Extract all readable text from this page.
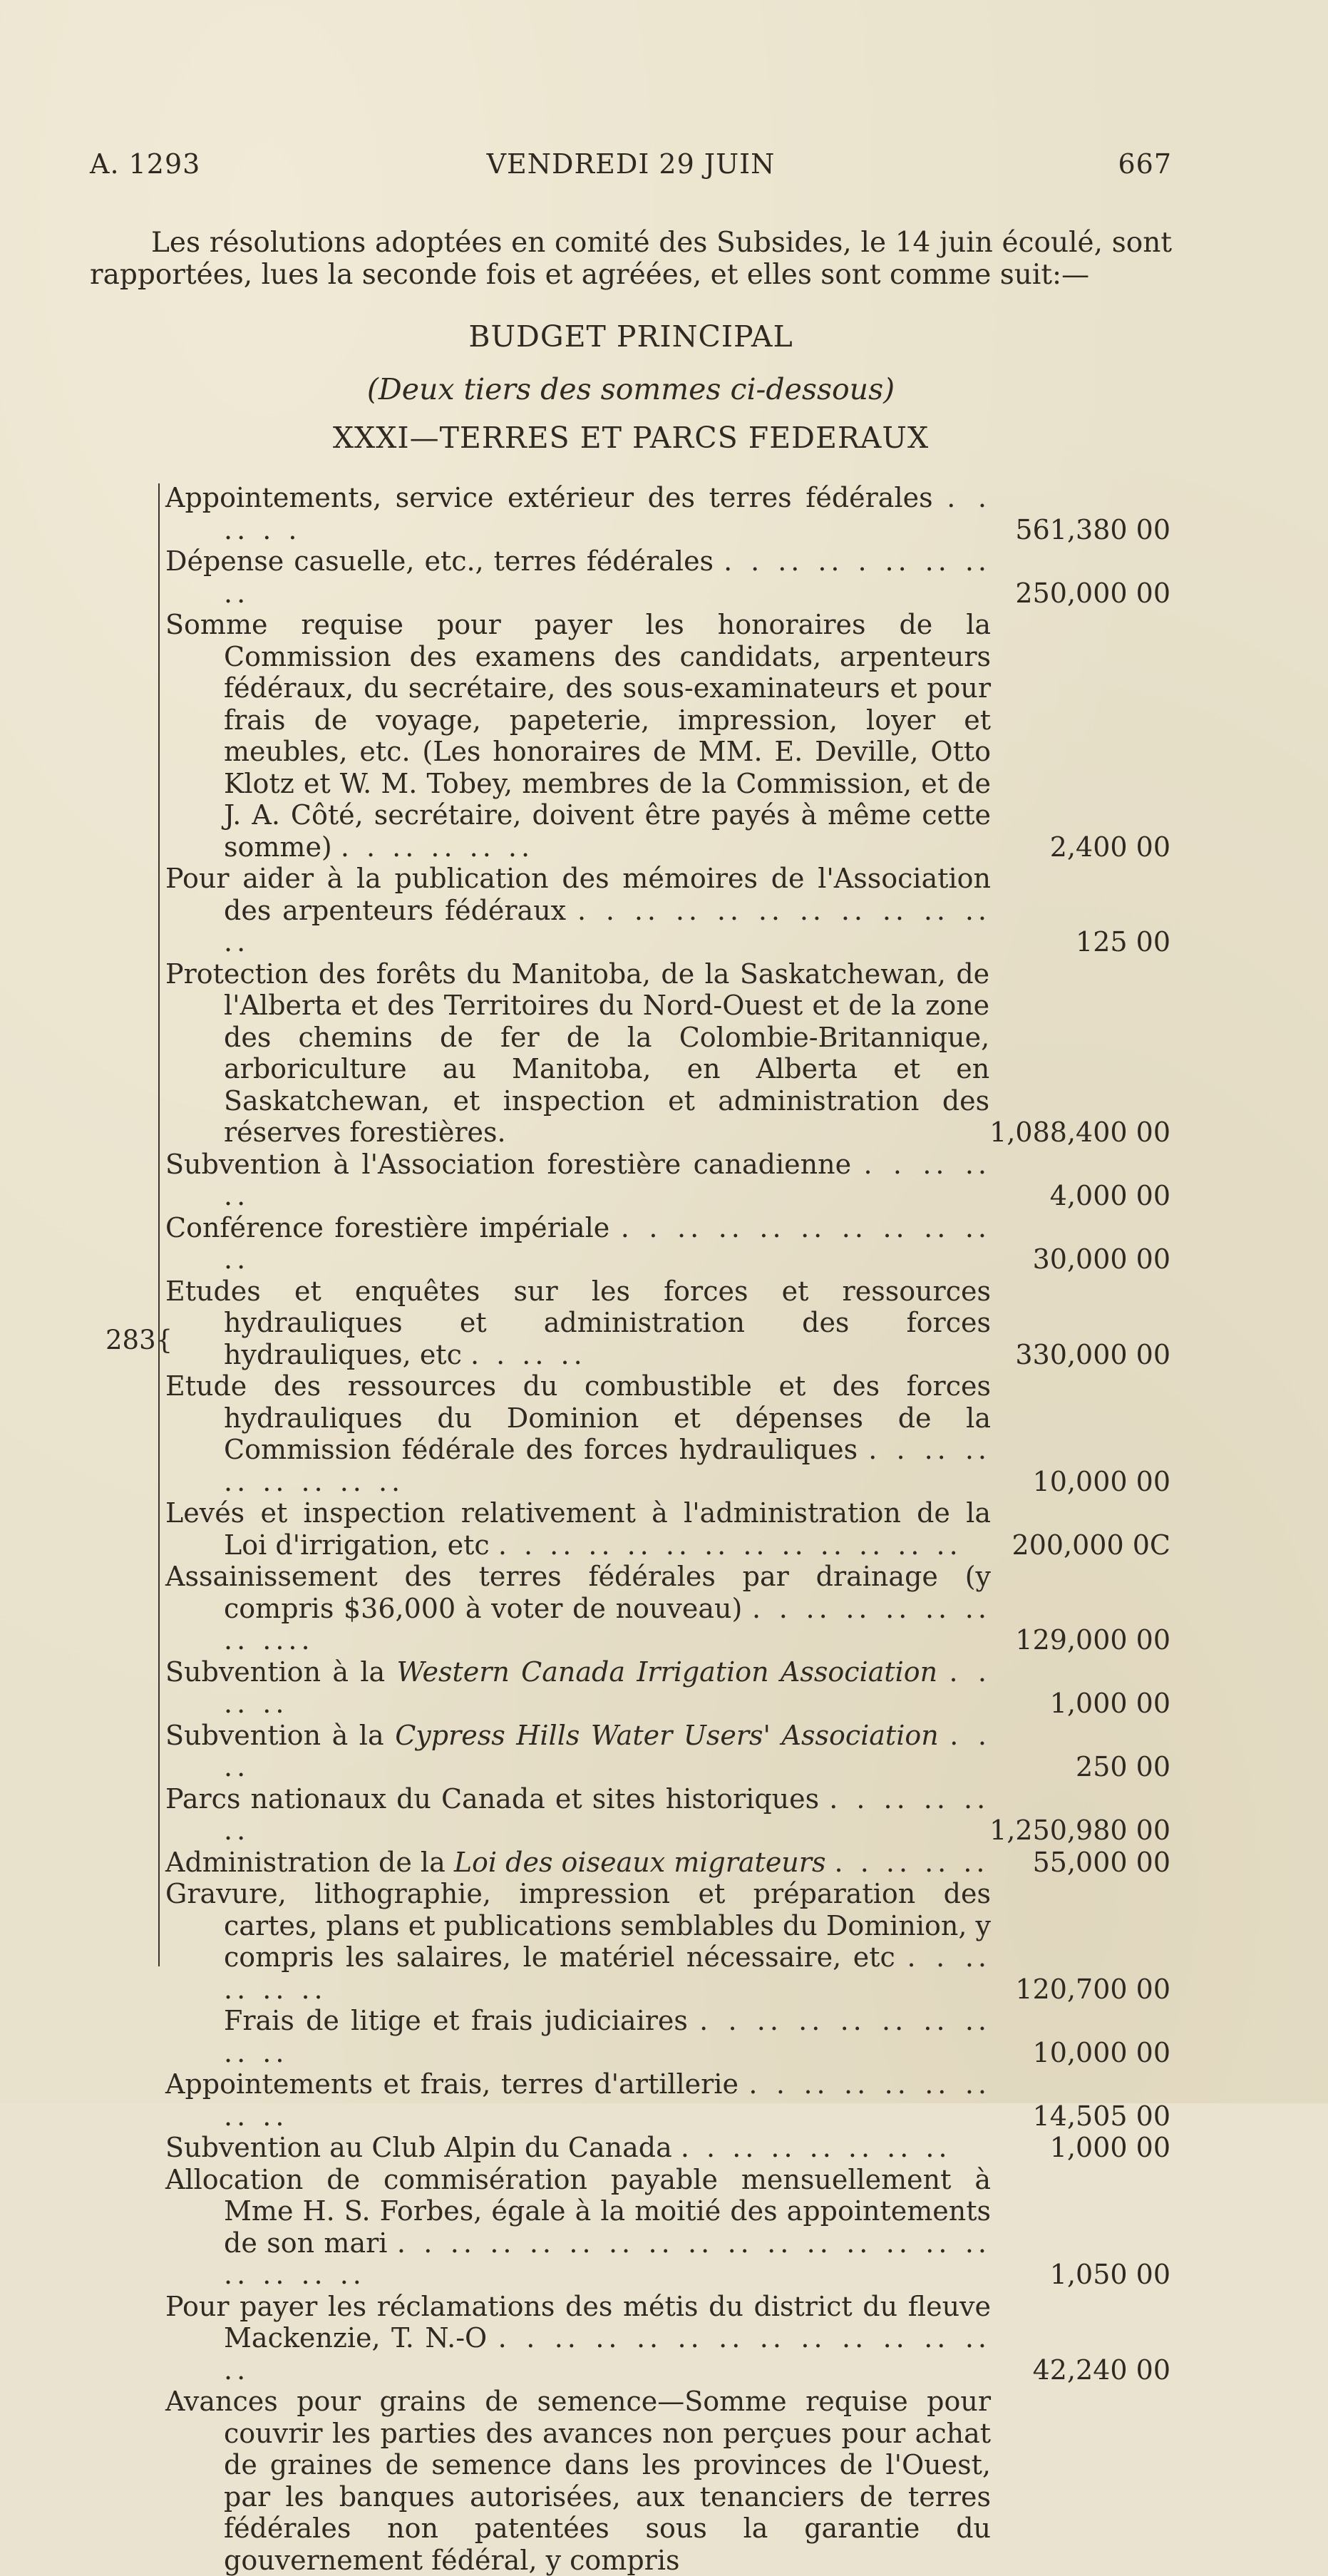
A. 1293	VENDREDI 29 JUIN	667
Les résolutions adoptées en comité des Subsides, le 14 juin écoulé, sont rapportées, lues la seconde fois et agréées, et elles sont comme suit:—
BUDGET PRINCIPAL
(Deux tiers des sommes ci-dessous)
XXXI—TERRES ET PARCS FEDERAUX
283{
Appointements, service extérieur des terres fédérales . . .. . .	561,380 00
Dépense casuelle, etc., terres fédérales . . .. .. . .. .. .. ..	250,000 00
Somme requise pour payer les honoraires de la Commission des examens des candidats, arpenteurs fédéraux, du secrétaire, des sous-examinateurs et pour frais de voyage, papeterie, impression, loyer et meubles, etc. (Les honoraires de MM. E. Deville, Otto Klotz et W. M. Tobey, membres de la Commission, et de J. A. Côté, secrétaire, doivent être payés à même cette somme) . . .. .. .. ..	2,400 00
Pour aider à la publication des mémoires de l'Association des arpenteurs fédéraux . . .. .. .. .. .. .. .. .. .. ..	125 00
Protection des forêts du Manitoba, de la Saskatchewan, de l'Alberta et des Territoires du Nord-Ouest et de la zone des chemins de fer de la Colombie-Britannique, arboriculture au Manitoba, en Alberta et en Saskatchewan, et inspection et administration des réserves forestières.	1,088,400 00
Subvention à l'Association forestière canadienne . . .. .. ..	4,000 00
Conférence forestière impériale . . .. .. .. .. .. .. .. .. ..	30,000 00
Etudes et enquêtes sur les forces et ressources hydrauliques et administration des forces hydrauliques, etc . . .. ..	330,000 00
Etude des ressources du combustible et des forces hydrauliques du Dominion et dépenses de la Commission fédérale des forces hydrauliques . . .. .. .. .. .. .. ..	10,000 00
Levés et inspection relativement à l'administration de la Loi d'irrigation, etc . . .. .. .. .. .. .. .. .. .. .. ..	200,000 0C
Assainissement des terres fédérales par drainage (y compris $36,000 à voter de nouveau) . . .. .. .. .. .. .. ....	129,000 00
Subvention à la Western Canada Irrigation Association . . .. ..	1,000 00
Subvention à la Cypress Hills Water Users' Association . . ..	250 00
Parcs nationaux du Canada et sites historiques . . .. .. .. ..	1,250,980 00
Administration de la Loi des oiseaux migrateurs . . .. .. ..	55,000 00
Gravure, lithographie, impression et préparation des cartes, plans et publications semblables du Dominion, y compris les salaires, le matériel nécessaire, etc . . .. .. .. ..	120,700 00
Frais de litige et frais judiciaires . . .. .. .. .. .. .. .. ..	10,000 00
Appointements et frais, terres d'artillerie . . .. .. .. .. .. .. ..	14,505 00
Subvention au Club Alpin du Canada . . .. .. .. .. .. ..	1,000 00
Allocation de commisération payable mensuellement à Mme H. S. Forbes, égale à la moitié des appointements de son mari . . .. .. .. .. .. .. .. .. .. .. .. .. .. .. .. .. .. ..	1,050 00
Pour payer les réclamations des métis du district du fleuve Mackenzie, T. N.-O . . .. .. .. .. .. .. .. .. .. .. .. ..	42,240 00
Avances pour grains de semence—Somme requise pour couvrir les parties des avances non perçues pour achat de graines de semence dans les provinces de l'Ouest, par les banques autorisées, aux tenanciers de terres fédérales non patentées sous la garantie du gouvernement fédéral, y compris
